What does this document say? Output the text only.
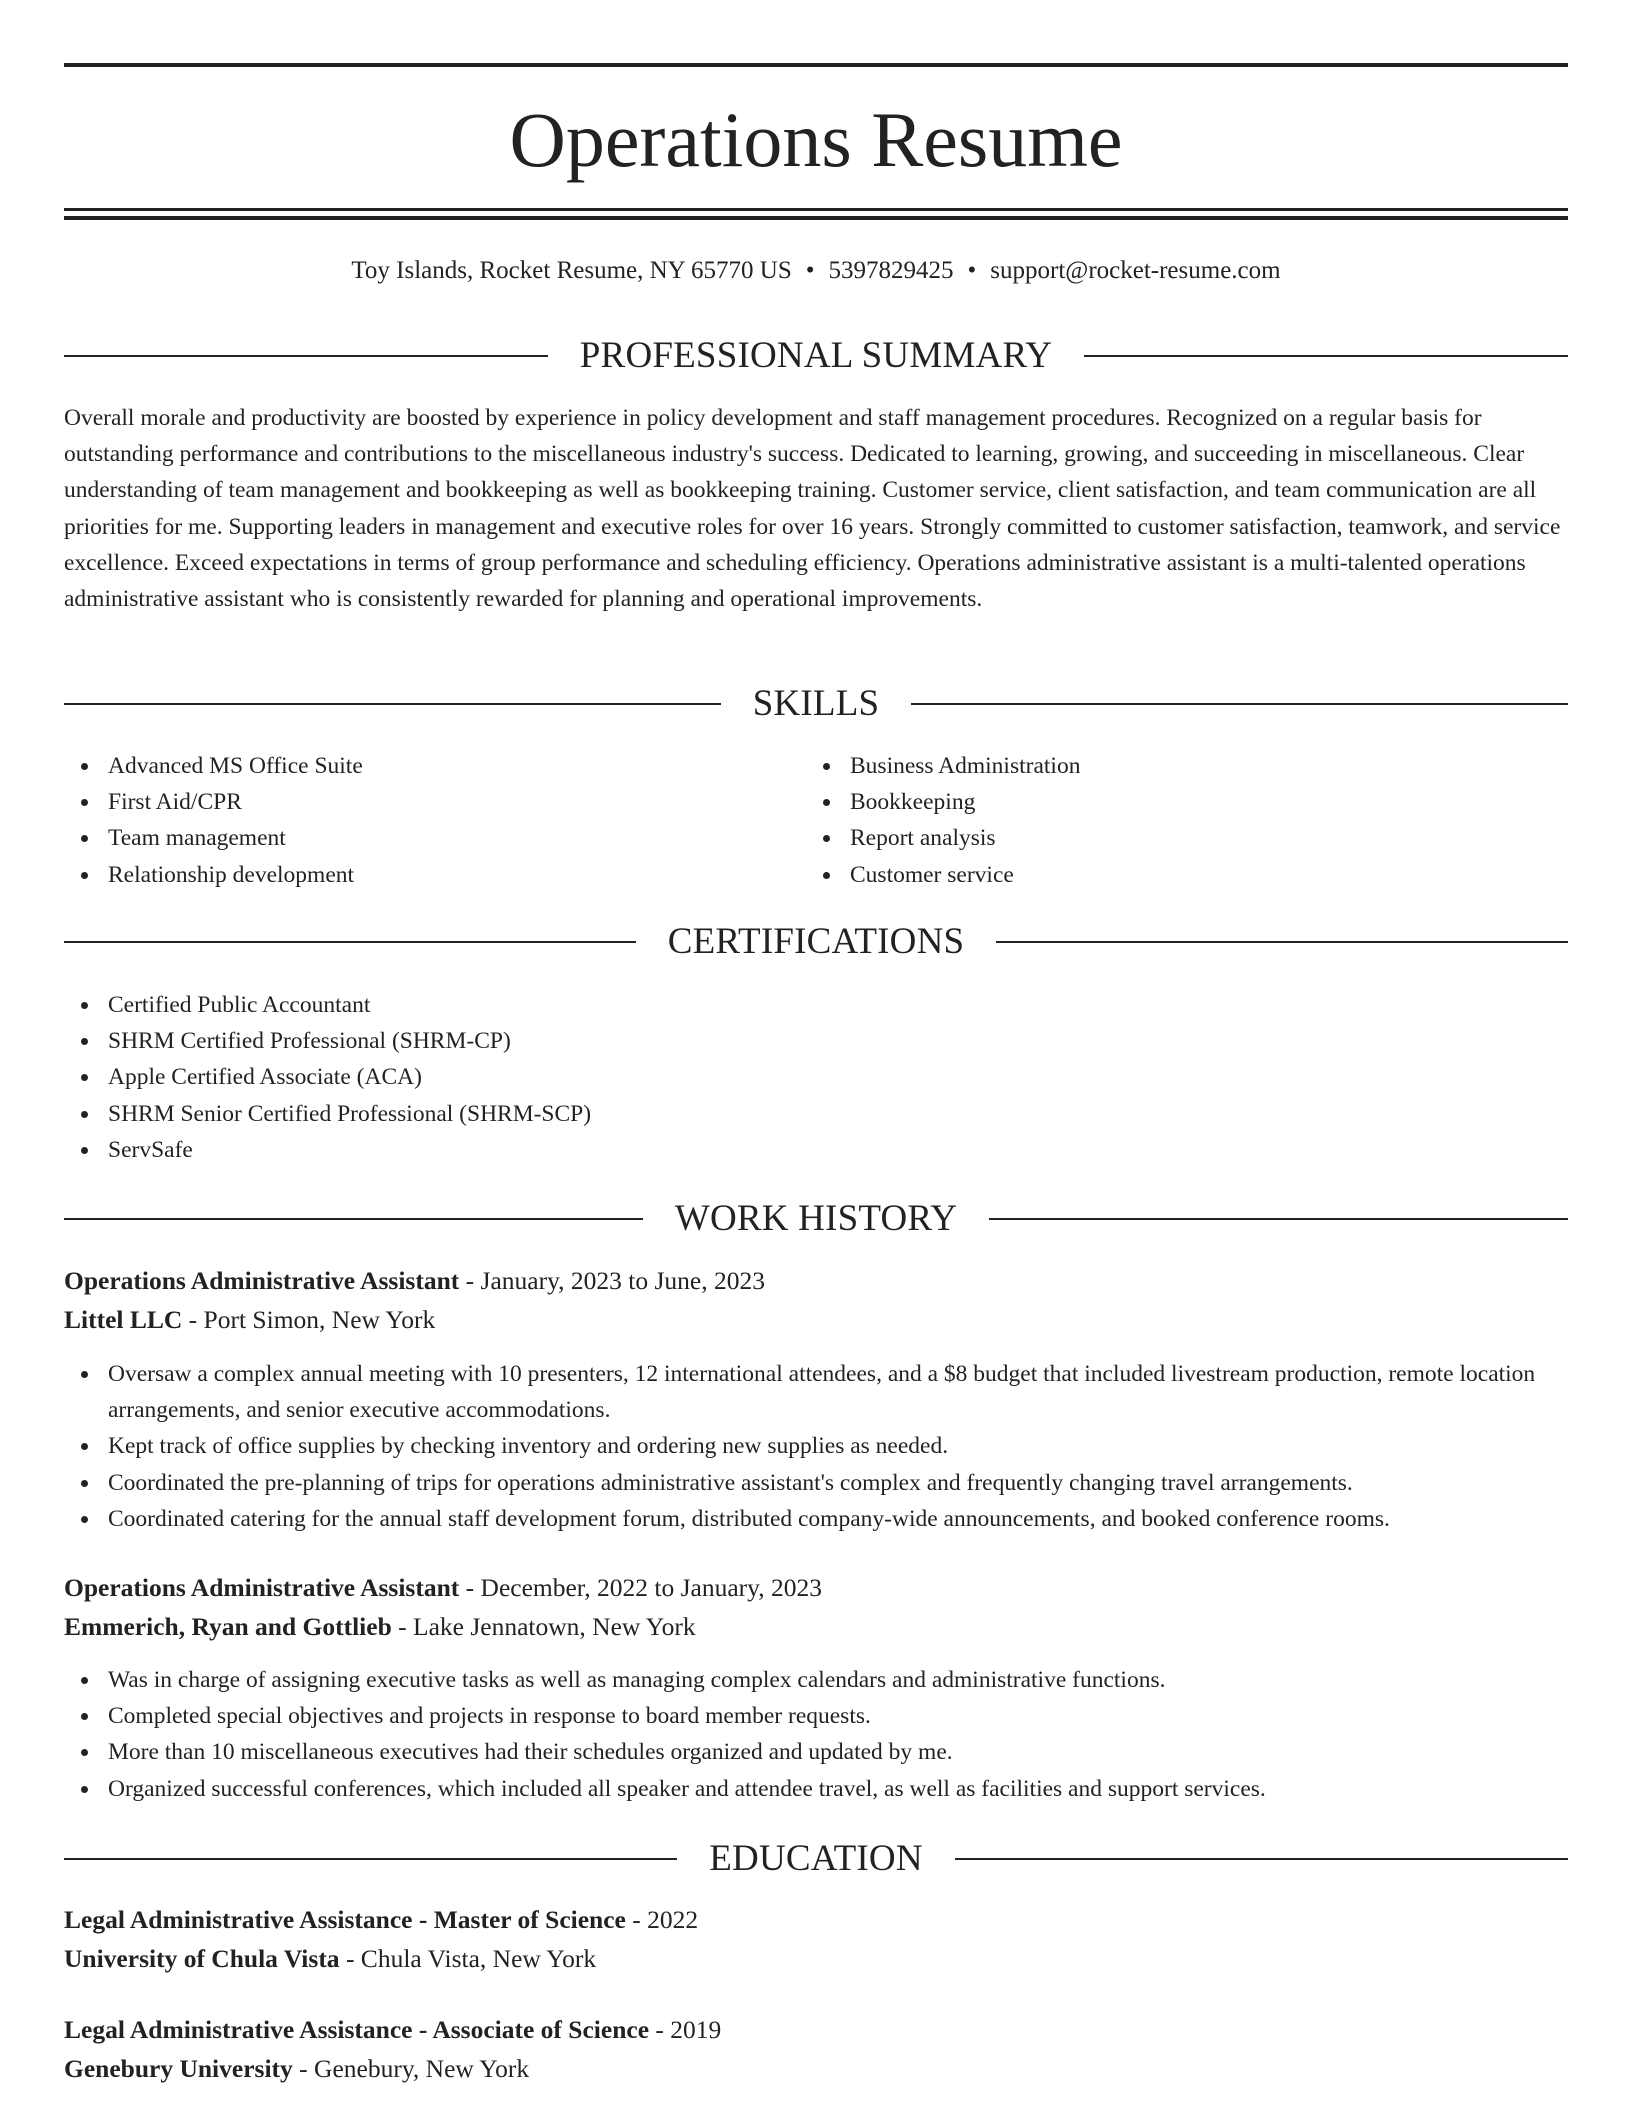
Operations Resume
Toy Islands, Rocket Resume, NY 65770 US • 5397829425 • support@rocket-resume.com
PROFESSIONAL SUMMARY

Overall morale and productivity are boosted by experience in policy development and staff management procedures. Recognized on a regular basis for outstanding performance and contributions to the miscellaneous industry's success. Dedicated to learning, growing, and succeeding in miscellaneous. Clear understanding of team management and bookkeeping as well as bookkeeping training. Customer service, client satisfaction, and team communication are all priorities for me. Supporting leaders in management and executive roles for over 16 years. Strongly committed to customer satisfaction, teamwork, and service excellence. Exceed expectations in terms of group performance and scheduling efficiency. Operations administrative assistant is a multi-talented operations administrative assistant who is consistently rewarded for planning and operational improvements.

SKILLS
Advanced MS Office Suite
First Aid/CPR
Team management
Relationship development
Business Administration
Bookkeeping
Report analysis
Customer service
CERTIFICATIONS
Certified Public Accountant
SHRM Certified Professional (SHRM-CP)
Apple Certified Associate (ACA)
SHRM Senior Certified Professional (SHRM-SCP)
ServSafe
WORK HISTORY
Operations Administrative Assistant - January, 2023 to June, 2023
Littel LLC - Port Simon, New York
Oversaw a complex annual meeting with 10 presenters, 12 international attendees, and a $8 budget that included livestream production, remote location arrangements, and senior executive accommodations.
Kept track of office supplies by checking inventory and ordering new supplies as needed.
Coordinated the pre-planning of trips for operations administrative assistant's complex and frequently changing travel arrangements.
Coordinated catering for the annual staff development forum, distributed company-wide announcements, and booked conference rooms.
Operations Administrative Assistant - December, 2022 to January, 2023
Emmerich, Ryan and Gottlieb - Lake Jennatown, New York
Was in charge of assigning executive tasks as well as managing complex calendars and administrative functions.
Completed special objectives and projects in response to board member requests.
More than 10 miscellaneous executives had their schedules organized and updated by me.
Organized successful conferences, which included all speaker and attendee travel, as well as facilities and support services.
EDUCATION
Legal Administrative Assistance - Master of Science - 2022
University of Chula Vista - Chula Vista, New York
Legal Administrative Assistance - Associate of Science - 2019
Genebury University - Genebury, New York
